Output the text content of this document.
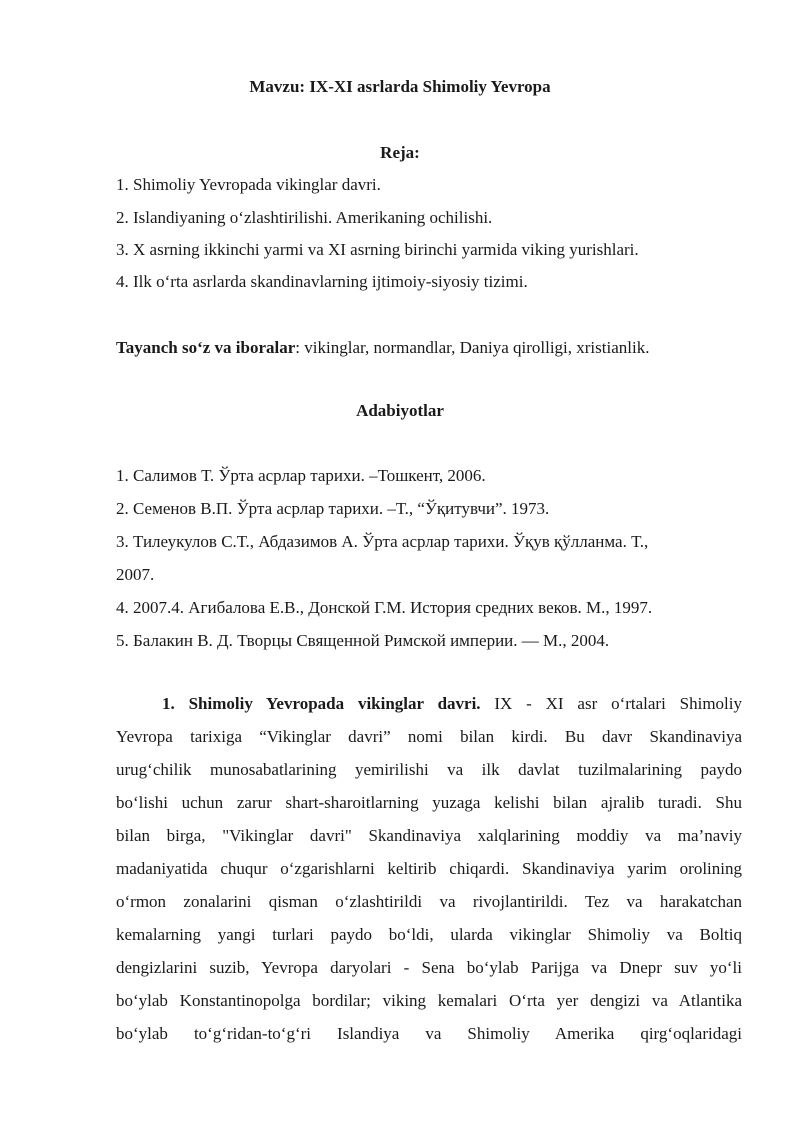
Mavzu: IX-XI asrlarda Shimoliy Yevropa
Reja:
1. Shimoliy Yevropada vikinglar davri.
2. Islandiyaning o‘zlashtirilishi. Amerikaning ochilishi.
3. X asrning ikkinchi yarmi va XI asrning birinchi yarmida viking yurishlari.
4. Ilk o‘rta asrlarda skandinavlarning ijtimoiy-siyosiy tizimi.
Tayanch so‘z va iboralar: vikinglar, normandlar, Daniya qirolligi, xristianlik.
Adabiyotlar
1. Салимов Т. Ўрта асрлар тарихи. –Тошкент, 2006.
2. Семенов В.П. Ўрта асрлар тарихи. –Т., “Ўқитувчи”. 1973.
3. Тилеукулов С.Т., Абдазимов А. Ўрта асрлар тарихи. Ўқув қўлланма. Т.,
2007.
4. 2007.4. Агибалова Е.В., Донской Г.М. История средних веков. М., 1997.
5. Балакин В. Д. Творцы Священной Римской империи. — М., 2004.
1. Shimoliy Yevropada vikinglar davri. IX - XI asr o‘rtalari Shimoliy
Yevropa tarixiga “Vikinglar davri” nomi bilan kirdi. Bu davr Skandinaviya
urug‘chilik munosabatlarining yemirilishi va ilk davlat tuzilmalarining paydo
bo‘lishi uchun zarur shart-sharoitlarning yuzaga kelishi bilan ajralib turadi. Shu
bilan birga, "Vikinglar davri" Skandinaviya xalqlarining moddiy va ma’naviy
madaniyatida chuqur o‘zgarishlarni keltirib chiqardi. Skandinaviya yarim orolining
o‘rmon zonalarini qisman o‘zlashtirildi va rivojlantirildi. Tez va harakatchan
kemalarning yangi turlari paydo bo‘ldi, ularda vikinglar Shimoliy va Boltiq
dengizlarini suzib, Yevropa daryolari - Sena bo‘ylab Parijga va Dnepr suv yo‘li
bo‘ylab Konstantinopolga bordilar; viking kemalari O‘rta yer dengizi va Atlantika
bo‘ylab to‘g‘ridan-to‘g‘ri Islandiya va Shimoliy Amerika qirg‘oqlaridagi
